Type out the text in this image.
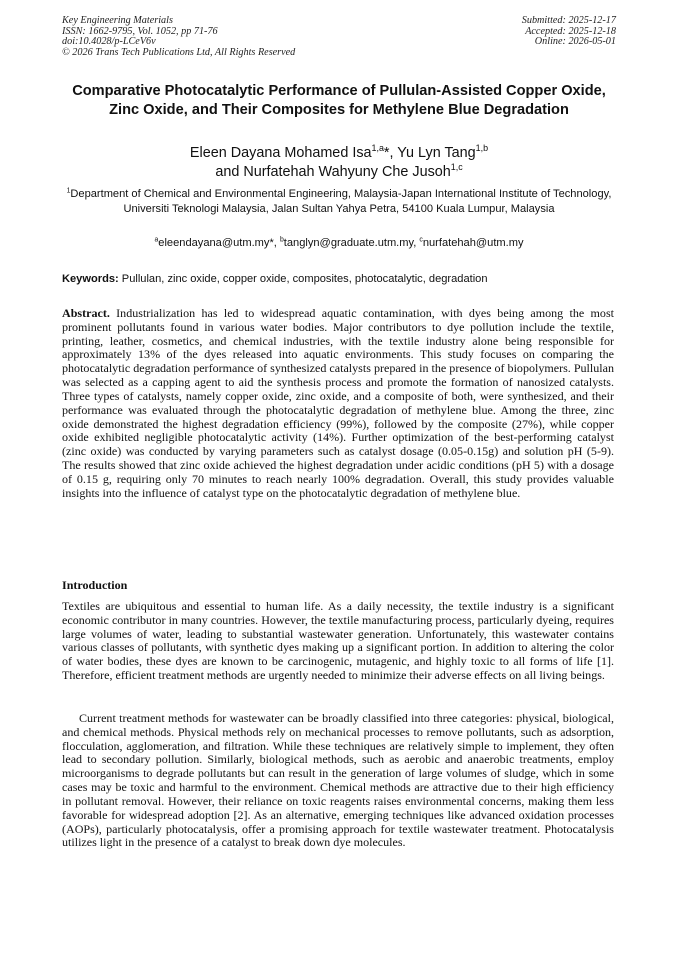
Key Engineering Materials
ISSN: 1662-9795, Vol. 1052, pp 71-76
doi:10.4028/p-LCeV6v
© 2026 Trans Tech Publications Ltd, All Rights Reserved
Submitted: 2025-12-17
Accepted: 2025-12-18
Online: 2026-05-01
Comparative Photocatalytic Performance of Pullulan-Assisted Copper Oxide, Zinc Oxide, and Their Composites for Methylene Blue Degradation
Eleen Dayana Mohamed Isa$^{1,a}$*, Yu Lyn Tang$^{1,b}$
and Nurfatehah Wahyuny Che Jusoh$^{1,c}$
$^1$Department of Chemical and Environmental Engineering, Malaysia-Japan International Institute of Technology, Universiti Teknologi Malaysia, Jalan Sultan Yahya Petra, 54100 Kuala Lumpur, Malaysia
$^a$eleendayana@utm.my*, $^b$tanglyn@graduate.utm.my, $^c$nurfatehah@utm.my
Keywords: Pullulan, zinc oxide, copper oxide, composites, photocatalytic, degradation

Abstract. Industrialization has led to widespread aquatic contamination, with dyes being among the most prominent pollutants found in various water bodies. Major contributors to dye pollution include the textile, printing, leather, cosmetics, and chemical industries, with the textile industry alone being responsible for approximately 13% of the dyes released into aquatic environments. This study focuses on comparing the photocatalytic degradation performance of synthesized catalysts prepared in the presence of biopolymers. Pullulan was selected as a capping agent to aid the synthesis process and promote the formation of nanosized catalysts. Three types of catalysts, namely copper oxide, zinc oxide, and a composite of both, were synthesized, and their performance was evaluated through the photocatalytic degradation of methylene blue. Among the three, zinc oxide demonstrated the highest degradation efficiency (99%), followed by the composite (27%), while copper oxide exhibited negligible photocatalytic activity (14%). Further optimization of the best-performing catalyst (zinc oxide) was conducted by varying parameters such as catalyst dosage (0.05-0.15g) and solution pH (5-9). The results showed that zinc oxide achieved the highest degradation under acidic conditions (pH 5) with a dosage of 0.15 g, requiring only 70 minutes to reach nearly 100% degradation. Overall, this study provides valuable insights into the influence of catalyst type on the photocatalytic degradation of methylene blue.

Introduction

Textiles are ubiquitous and essential to human life. As a daily necessity, the textile industry is a significant economic contributor in many countries. However, the textile manufacturing process, particularly dyeing, requires large volumes of water, leading to substantial wastewater generation. Unfortunately, this wastewater contains various classes of pollutants, with synthetic dyes making up a significant portion. In addition to altering the color of water bodies, these dyes are known to be carcinogenic, mutagenic, and highly toxic to all forms of life [1]. Therefore, efficient treatment methods are urgently needed to minimize their adverse effects on all living beings.

Current treatment methods for wastewater can be broadly classified into three categories: physical, biological, and chemical methods. Physical methods rely on mechanical processes to remove pollutants, such as adsorption, flocculation, agglomeration, and filtration. While these techniques are relatively simple to implement, they often lead to secondary pollution. Similarly, biological methods, such as aerobic and anaerobic treatments, employ microorganisms to degrade pollutants but can result in the generation of large volumes of sludge, which in some cases may be toxic and harmful to the environment. Chemical methods are attractive due to their high efficiency in pollutant removal. However, their reliance on toxic reagents raises environmental concerns, making them less favorable for widespread adoption [2]. As an alternative, emerging techniques like advanced oxidation processes (AOPs), particularly photocatalysis, offer a promising approach for textile wastewater treatment. Photocatalysis utilizes light in the presence of a catalyst to break down dye molecules.
